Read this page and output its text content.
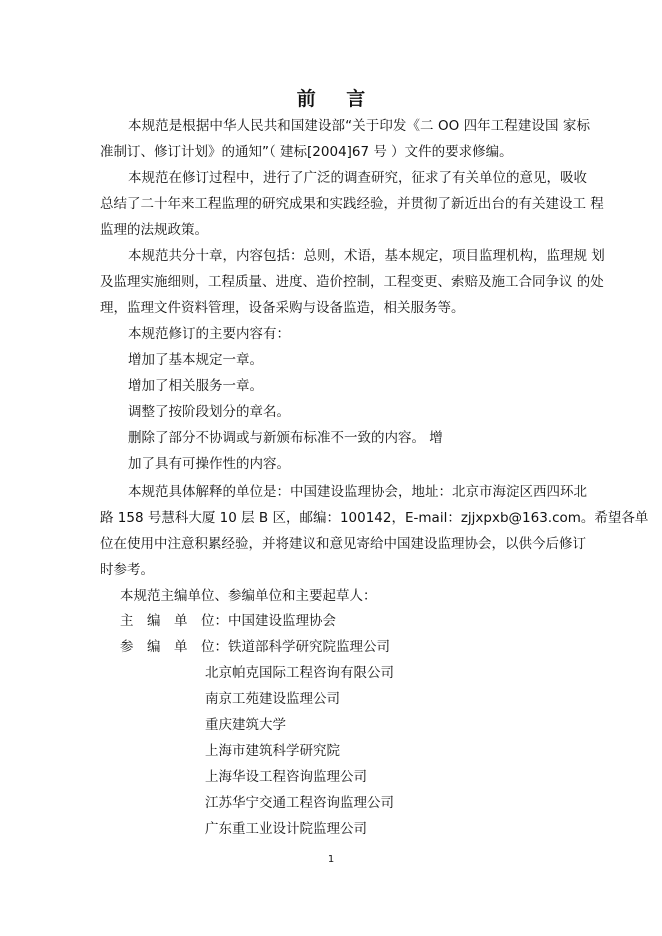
前 言
本规范是根据中华人民共和国建设部“关于印发《二 OO 四年工程建设国 家标
准制订、修订计划》的通知”（ 建标[2004]67 号 ）文件的要求修编。
本规范在修订过程中，进行了广泛的调查研究，征求了有关单位的意见，吸收
总结了二十年来工程监理的研究成果和实践经验，并贯彻了新近出台的有关建设工 程
监理的法规政策。
本规范共分十章，内容包括：总则，术语，基本规定，项目监理机构，监理规 划
及监理实施细则，工程质量、进度、造价控制，工程变更、索赔及施工合同争议 的处
理，监理文件资料管理，设备采购与设备监造，相关服务等。
本规范修订的主要内容有：
增加了基本规定一章。
增加了相关服务一章。
调整了按阶段划分的章名。
删除了部分不协调或与新颁布标准不一致的内容。 增
加了具有可操作性的内容。
本规范具体解释的单位是：中国建设监理协会，地址：北京市海淀区西四环北
路 158 号慧科大厦 10 层 B 区，邮编：100142，E-mail：zjjxpxb@163.com。希望各单
位在使用中注意积累经验，并将建议和意见寄给中国建设监理协会，以供今后修订
时参考。
本规范主编单位、参编单位和主要起草人：
主　编　单　位：中国建设监理协会
参　编　单　位：铁道部科学研究院监理公司
北京帕克国际工程咨询有限公司
南京工苑建设监理公司
重庆建筑大学
上海市建筑科学研究院
上海华设工程咨询监理公司
江苏华宁交通工程咨询监理公司
广东重工业设计院监理公司
1
